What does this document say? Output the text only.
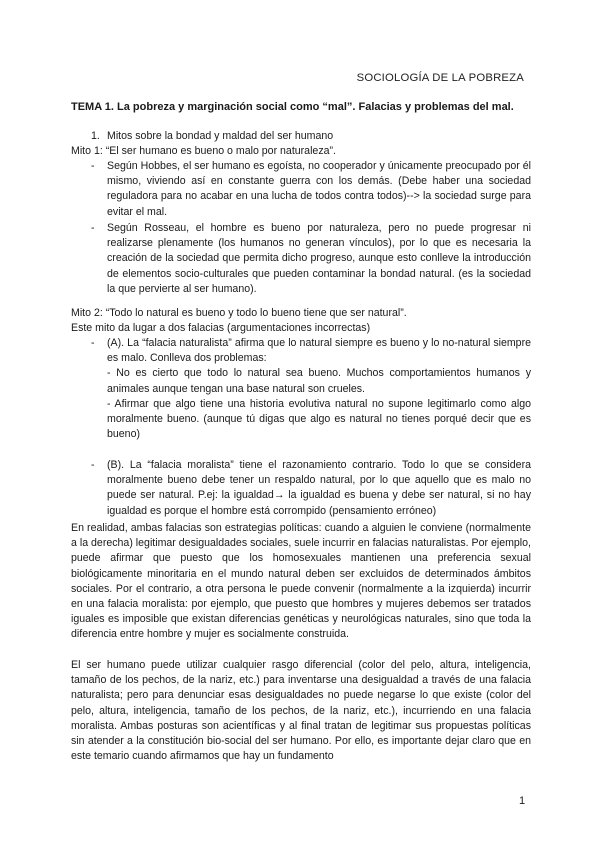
SOCIOLOGÍA DE LA POBREZA
TEMA 1. La pobreza y marginación social como “mal”. Falacias y problemas del mal.
1. Mitos sobre la bondad y maldad del ser humano
Mito 1: “El ser humano es bueno o malo por naturaleza”.
- Según Hobbes, el ser humano es egoísta, no cooperador y únicamente preocupado por él mismo, viviendo así en constante guerra con los demás. (Debe haber una sociedad reguladora para no acabar en una lucha de todos contra todos)--> la sociedad surge para evitar el mal.

- Según Rosseau, el hombre es bueno por naturaleza, pero no puede progresar ni realizarse plenamente (los humanos no generan vínculos), por lo que es necesaria la creación de la sociedad que permita dicho progreso, aunque esto conlleve la introducción de elementos socio-culturales que pueden contaminar la bondad natural. (es la sociedad la que pervierte al ser humano).

Mito 2: “Todo lo natural es bueno y todo lo bueno tiene que ser natural”.
Este mito da lugar a dos falacias (argumentaciones incorrectas)
- (A). La “falacia naturalista” afirma que lo natural siempre es bueno y lo no-natural siempre es malo. Conlleva dos problemas:

- No es cierto que todo lo natural sea bueno. Muchos comportamientos humanos y animales aunque tengan una base natural son crueles.

- Afirmar que algo tiene una historia evolutiva natural no supone legitimarlo como algo moralmente bueno. (aunque tú digas que algo es natural no tienes porqué decir que es bueno)

- (B). La “falacia moralista” tiene el razonamiento contrario. Todo lo que se considera moralmente bueno debe tener un respaldo natural, por lo que aquello que es malo no puede ser natural. P.ej: la igualdad→ la igualdad es buena y debe ser natural, si no hay igualdad es porque el hombre está corrompido (pensamiento erróneo)

En realidad, ambas falacias son estrategias políticas: cuando a alguien le conviene (normalmente a la derecha) legitimar desigualdades sociales, suele incurrir en falacias naturalistas. Por ejemplo, puede afirmar que puesto que los homosexuales mantienen una preferencia sexual biológicamente minoritaria en el mundo natural deben ser excluidos de determinados ámbitos sociales. Por el contrario, a otra persona le puede convenir (normalmente a la izquierda) incurrir en una falacia moralista: por ejemplo, que puesto que hombres y mujeres debemos ser tratados iguales es imposible que existan diferencias genéticas y neurológicas naturales, sino que toda la diferencia entre hombre y mujer es socialmente construida.

El ser humano puede utilizar cualquier rasgo diferencial (color del pelo, altura, inteligencia, tamaño de los pechos, de la nariz, etc.) para inventarse una desigualdad a través de una falacia naturalista; pero para denunciar esas desigualdades no puede negarse lo que existe (color del pelo, altura, inteligencia, tamaño de los pechos, de la nariz, etc.), incurriendo en una falacia moralista. Ambas posturas son acientíficas y al final tratan de legitimar sus propuestas políticas sin atender a la constitución bio-social del ser humano. Por ello, es importante dejar claro que en este temario cuando afirmamos que hay un fundamento

1
